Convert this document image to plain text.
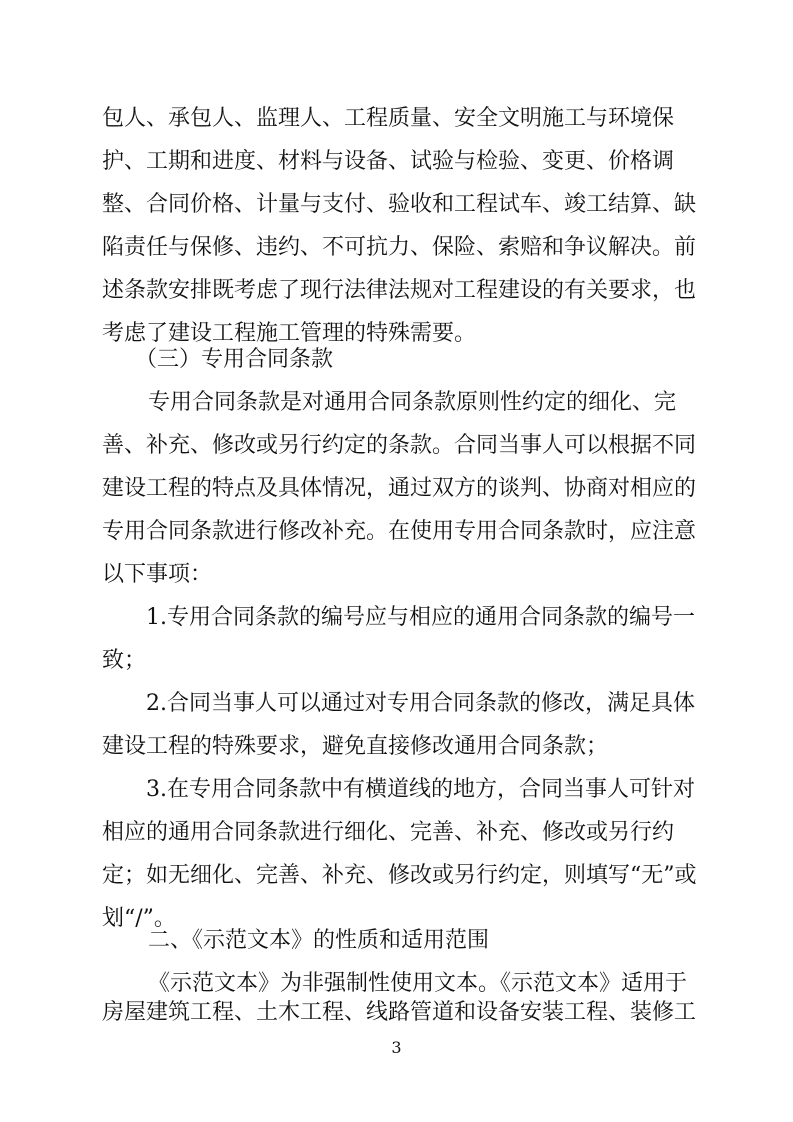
包人、承包人、监理人、工程质量、安全文明施工与环境保
护、工期和进度、材料与设备、试验与检验、变更、价格调
整、合同价格、计量与支付、验收和工程试车、竣工结算、缺
陷责任与保修、违约、不可抗力、保险、索赔和争议解决。前
述条款安排既考虑了现行法律法规对工程建设的有关要求，也
考虑了建设工程施工管理的特殊需要。
（三）专用合同条款
专用合同条款是对通用合同条款原则性约定的细化、完
善、补充、修改或另行约定的条款。合同当事人可以根据不同
建设工程的特点及具体情况，通过双方的谈判、协商对相应的
专用合同条款进行修改补充。在使用专用合同条款时，应注意
以下事项：
1.专用合同条款的编号应与相应的通用合同条款的编号一
致；
2.合同当事人可以通过对专用合同条款的修改，满足具体
建设工程的特殊要求，避免直接修改通用合同条款；
3.在专用合同条款中有横道线的地方，合同当事人可针对
相应的通用合同条款进行细化、完善、补充、修改或另行约
定；如无细化、完善、补充、修改或另行约定，则填写“无”或
划“/”。
二、《示范文本》的性质和适用范围
《示范文本》为非强制性使用文本。《示范文本》适用于
房屋建筑工程、土木工程、线路管道和设备安装工程、装修工
3
